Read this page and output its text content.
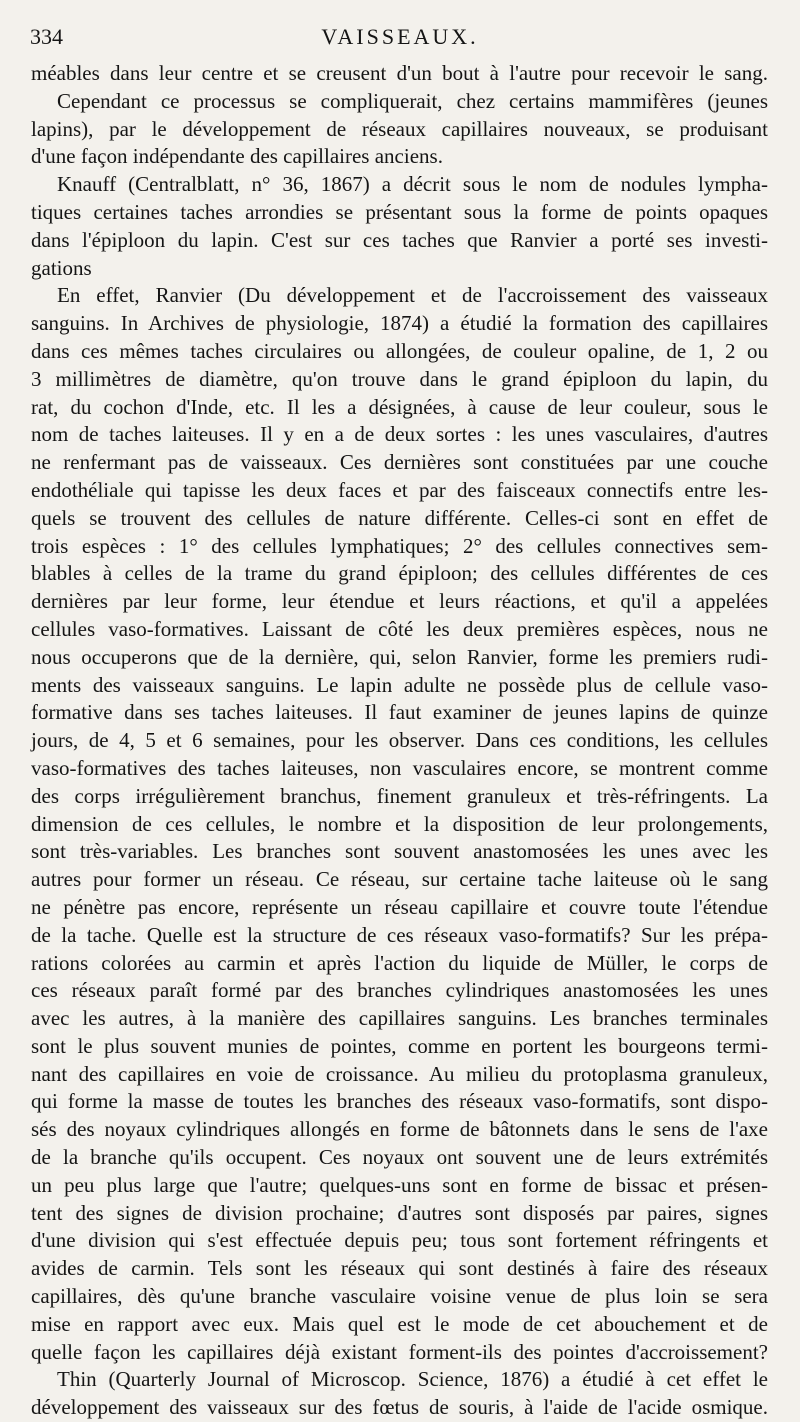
334	VAISSEAUX.
méables dans leur centre et se creusent d'un bout à l'autre pour recevoir le sang.
Cependant ce processus se compliquerait, chez certains mammifères (jeunes
lapins), par le développement de réseaux capillaires nouveaux, se produisant
d'une façon indépendante des capillaires anciens.
Knauff (Centralblatt, n° 36, 1867) a décrit sous le nom de nodules lympha-
tiques certaines taches arrondies se présentant sous la forme de points opaques
dans l'épiploon du lapin. C'est sur ces taches que Ranvier a porté ses investi-
gations
En effet, Ranvier (Du développement et de l'accroissement des vaisseaux
sanguins. In Archives de physiologie, 1874) a étudié la formation des capillaires
dans ces mêmes taches circulaires ou allongées, de couleur opaline, de 1, 2 ou
3 millimètres de diamètre, qu'on trouve dans le grand épiploon du lapin, du
rat, du cochon d'Inde, etc. Il les a désignées, à cause de leur couleur, sous le
nom de taches laiteuses. Il y en a de deux sortes : les unes vasculaires, d'autres
ne renfermant pas de vaisseaux. Ces dernières sont constituées par une couche
endothéliale qui tapisse les deux faces et par des faisceaux connectifs entre les-
quels se trouvent des cellules de nature différente. Celles-ci sont en effet de
trois espèces : 1° des cellules lymphatiques; 2° des cellules connectives sem-
blables à celles de la trame du grand épiploon; des cellules différentes de ces
dernières par leur forme, leur étendue et leurs réactions, et qu'il a appelées
cellules vaso-formatives. Laissant de côté les deux premières espèces, nous ne
nous occuperons que de la dernière, qui, selon Ranvier, forme les premiers rudi-
ments des vaisseaux sanguins. Le lapin adulte ne possède plus de cellule vaso-
formative dans ses taches laiteuses. Il faut examiner de jeunes lapins de quinze
jours, de 4, 5 et 6 semaines, pour les observer. Dans ces conditions, les cellules
vaso-formatives des taches laiteuses, non vasculaires encore, se montrent comme
des corps irrégulièrement branchus, finement granuleux et très-réfringents. La
dimension de ces cellules, le nombre et la disposition de leur prolongements,
sont très-variables. Les branches sont souvent anastomosées les unes avec les
autres pour former un réseau. Ce réseau, sur certaine tache laiteuse où le sang
ne pénètre pas encore, représente un réseau capillaire et couvre toute l'étendue
de la tache. Quelle est la structure de ces réseaux vaso-formatifs? Sur les prépa-
rations colorées au carmin et après l'action du liquide de Müller, le corps de
ces réseaux paraît formé par des branches cylindriques anastomosées les unes
avec les autres, à la manière des capillaires sanguins. Les branches terminales
sont le plus souvent munies de pointes, comme en portent les bourgeons termi-
nant des capillaires en voie de croissance. Au milieu du protoplasma granuleux,
qui forme la masse de toutes les branches des réseaux vaso-formatifs, sont dispo-
sés des noyaux cylindriques allongés en forme de bâtonnets dans le sens de l'axe
de la branche qu'ils occupent. Ces noyaux ont souvent une de leurs extrémités
un peu plus large que l'autre; quelques-uns sont en forme de bissac et présen-
tent des signes de division prochaine; d'autres sont disposés par paires, signes
d'une division qui s'est effectuée depuis peu; tous sont fortement réfringents et
avides de carmin. Tels sont les réseaux qui sont destinés à faire des réseaux
capillaires, dès qu'une branche vasculaire voisine venue de plus loin se sera
mise en rapport avec eux. Mais quel est le mode de cet abouchement et de
quelle façon les capillaires déjà existant forment-ils des pointes d'accroissement?
Thin (Quarterly Journal of Microscop. Science, 1876) a étudié à cet effet le
développement des vaisseaux sur des fœtus de souris, à l'aide de l'acide osmique.
